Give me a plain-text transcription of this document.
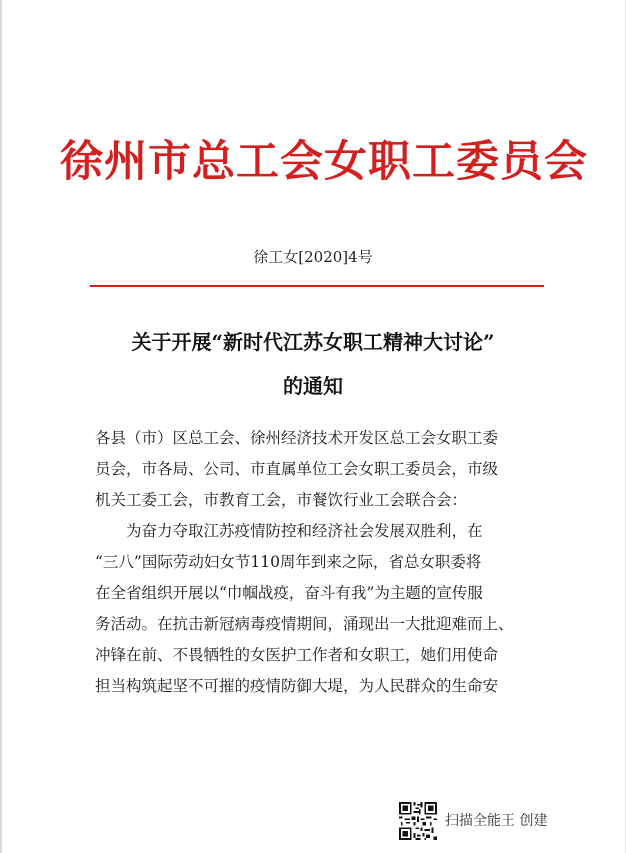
徐州市总工会女职工委员会
徐工女[2020]4号
关于开展“新时代江苏女职工精神大讨论”
的通知
各县（市）区总工会、徐州经济技术开发区总工会女职工委
员会，市各局、公司、市直属单位工会女职工委员会，市级
机关工委工会，市教育工会，市餐饮行业工会联合会：
为奋力夺取江苏疫情防控和经济社会发展双胜利，在
“三八”国际劳动妇女节110周年到来之际，省总女职委将
在全省组织开展以“巾帼战疫，奋斗有我”为主题的宣传服
务活动。在抗击新冠病毒疫情期间，涌现出一大批迎难而上、
冲锋在前、不畏牺牲的女医护工作者和女职工，她们用使命
担当构筑起坚不可摧的疫情防御大堤，为人民群众的生命安
扫描全能王 创建
